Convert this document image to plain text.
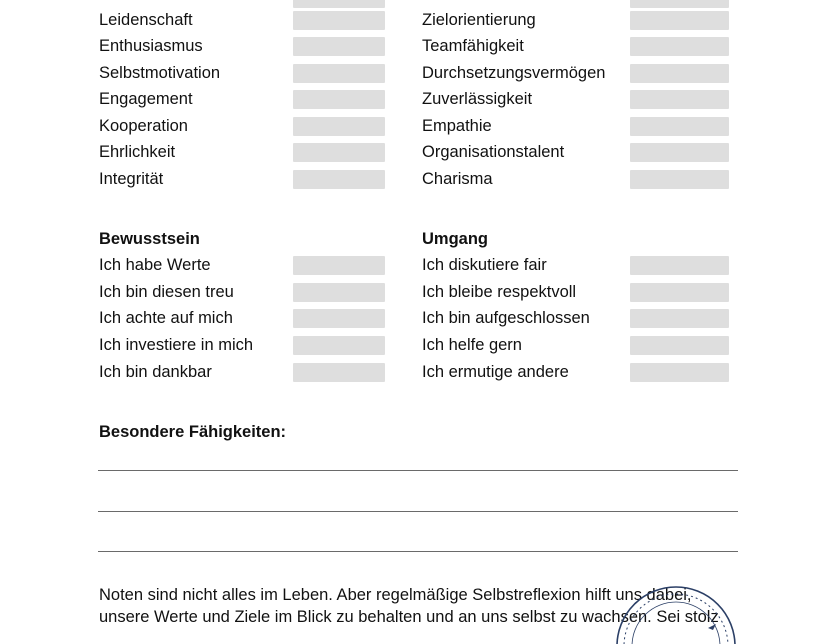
Leidenschaft
Enthusiasmus
Selbstmotivation
Engagement
Kooperation
Ehrlichkeit
Integrität
Zielorientierung
Teamfähigkeit
Durchsetzungsvermögen
Zuverlässigkeit
Empathie
Organisationstalent
Charisma
Bewusstsein
Ich habe Werte
Ich bin diesen treu
Ich achte auf mich
Ich investiere in mich
Ich bin dankbar
Umgang
Ich diskutiere fair
Ich bleibe respektvoll
Ich bin aufgeschlossen
Ich helfe gern
Ich ermutige andere
Besondere Fähigkeiten:
Noten sind nicht alles im Leben. Aber regelmäßige Selbstreflexion hilft uns dabei,
unsere Werte und Ziele im Blick zu behalten und an uns selbst zu wachsen. Sei stolz
